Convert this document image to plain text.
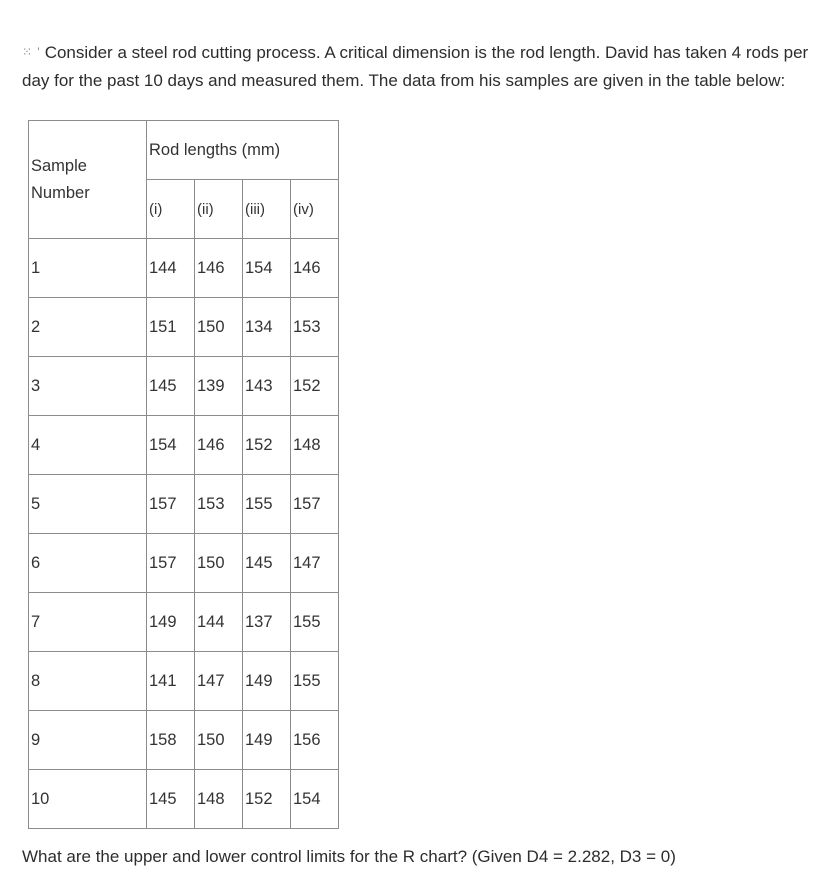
⁙ ' Consider a steel rod cutting process. A critical dimension is the rod length. David has taken 4 rods per day for the past 10 days and measured them. The data from his samples are given in the table below:

Sample Number	Rod lengths (mm)			
	(i)	(ii)	(iii)	(iv)
1	144	146	154	146
2	151	150	134	153
3	145	139	143	152
4	154	146	152	148
5	157	153	155	157
6	157	150	145	147
7	149	144	137	155
8	141	147	149	155
9	158	150	149	156
10	145	148	152	154

What are the upper and lower control limits for the R chart? (Given D4 = 2.282, D3 = 0)
